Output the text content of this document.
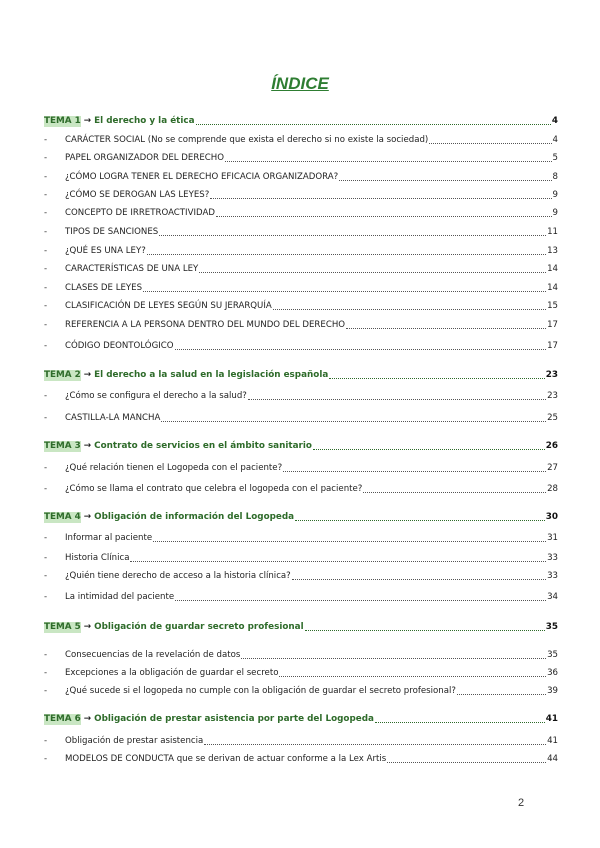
ÍNDICE
TEMA 1 → El derecho y la ética	4
-	CARÁCTER SOCIAL (No se comprende que exista el derecho si no existe la sociedad)	4
-	PAPEL ORGANIZADOR DEL DERECHO	5
-	¿CÓMO LOGRA TENER EL DERECHO EFICACIA ORGANIZADORA?	8
-	¿CÓMO SE DEROGAN LAS LEYES?	9
-	CONCEPTO DE IRRETROACTIVIDAD	9
-	TIPOS DE SANCIONES	11
-	¿QUÉ ES UNA LEY?	13
-	CARACTERÍSTICAS DE UNA LEY	14
-	CLASES DE LEYES	14
-	CLASIFICACIÓN DE LEYES SEGÚN SU JERARQUÍA	15
-	REFERENCIA A LA PERSONA DENTRO DEL MUNDO DEL DERECHO	17
-	CÓDIGO DEONTOLÓGICO	17
TEMA 2 → El derecho a la salud en la legislación española	23
-	¿Cómo se configura el derecho a la salud?	23
-	CASTILLA-LA MANCHA	25
TEMA 3 → Contrato de servicios en el ámbito sanitario	26
-	¿Qué relación tienen el Logopeda con el paciente?	27
-	¿Cómo se llama el contrato que celebra el logopeda con el paciente?	28
TEMA 4 → Obligación de información del Logopeda	30
-	Informar al paciente	31
-	Historia Clínica	33
-	¿Quién tiene derecho de acceso a la historia clínica?	33
-	La intimidad del paciente	34
TEMA 5 → Obligación de guardar secreto profesional	35
-	Consecuencias de la revelación de datos	35
-	Excepciones a la obligación de guardar el secreto	36
-	¿Qué sucede si el logopeda no cumple con la obligación de guardar el secreto profesional?	39
TEMA 6 → Obligación de prestar asistencia por parte del Logopeda	41
-	Obligación de prestar asistencia	41
-	MODELOS DE CONDUCTA que se derivan de actuar conforme a la Lex Artis	44
2
